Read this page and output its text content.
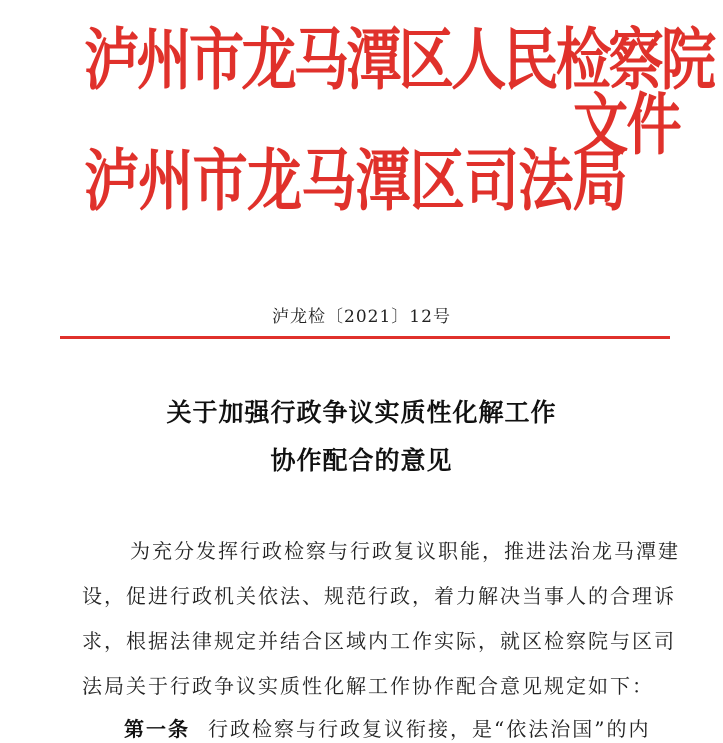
泸州市龙马潭区人民检察院
文件
泸州市龙马潭区司法局
泸龙检〔2021〕12号
关于加强行政争议实质性化解工作
协作配合的意见
为充分发挥行政检察与行政复议职能，推进法治龙马潭建
设，促进行政机关依法、规范行政，着力解决当事人的合理诉
求，根据法律规定并结合区域内工作实际，就区检察院与区司
法局关于行政争议实质性化解工作协作配合意见规定如下：
第一条 行政检察与行政复议衔接，是“依法治国”的内
